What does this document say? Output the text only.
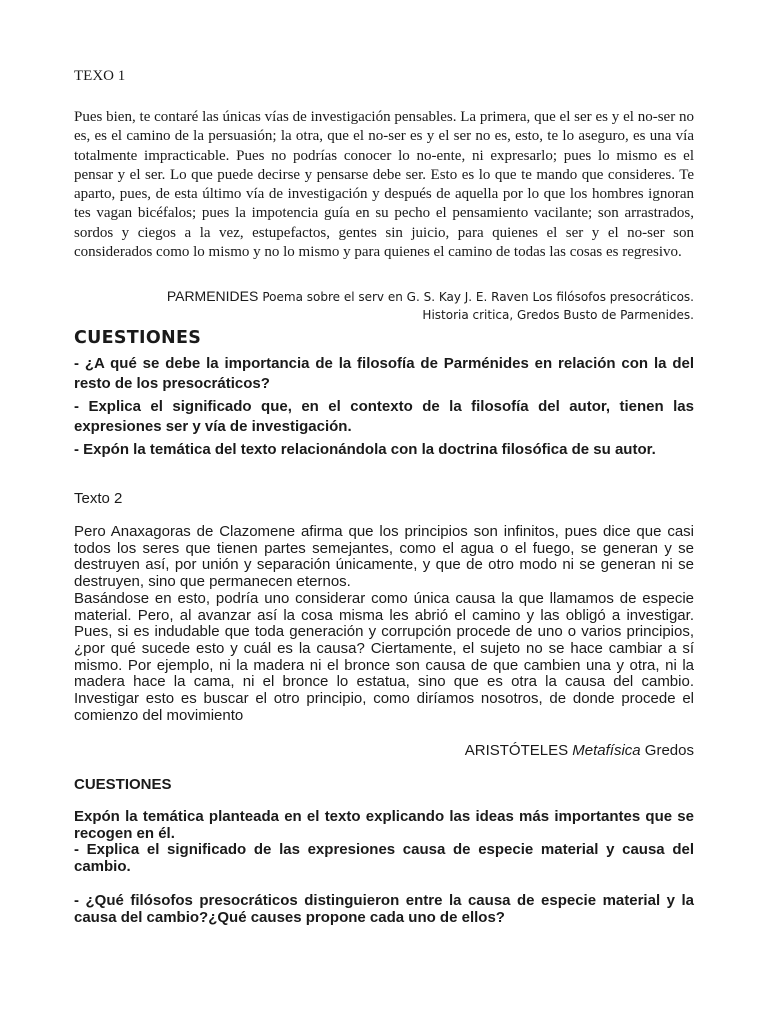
TEXO 1

Pues bien, te contaré las únicas vías de investigación pensables. La primera, que el ser es y el no-ser no es, es el camino de la persuasión; la otra, que el no-ser es y el ser no es, esto, te lo aseguro, es una vía totalmente impracticable. Pues no podrías conocer lo no-ente, ni expresarlo; pues lo mismo es el pensar y el ser. Lo que puede decirse y pensarse debe ser. Esto es lo que te mando que consideres. Te aparto, pues, de esta último vía de investigación y después de aquella por lo que los hombres ignoran tes vagan bicéfalos; pues la impotencia guía en su pecho el pensamiento vacilante; son arrastrados, sordos y ciegos a la vez, estupefactos, gentes sin juicio, para quienes el ser y el no-ser son considerados como lo mismo y no lo mismo y para quienes el camino de todas las cosas es regresivo.

PARMENIDES Poema sobre el serv en G. S. Kay J. E. Raven Los filósofos presocráticos.
Historia critica, Gredos Busto de Parmenides.
CUESTIONES

- ¿A qué se debe la importancia de la filosofía de Parménides en relación con la del resto de los presocráticos?

- Explica el significado que, en el contexto de la filosofía del autor, tienen las expresiones ser y vía de investigación.

- Expón la temática del texto relacionándola con la doctrina filosófica de su autor.

Texto 2

Pero Anaxagoras de Clazomene afirma que los principios son infinitos, pues dice que casi todos los seres que tienen partes semejantes, como el agua o el fuego, se generan y se destruyen así, por unión y separación únicamente, y que de otro modo ni se generan ni se destruyen, sino que permanecen eternos.

Basándose en esto, podría uno considerar como única causa la que llamamos de especie material. Pero, al avanzar así la cosa misma les abrió el camino y las obligó a investigar. Pues, si es indudable que toda generación y corrupción procede de uno o varios principios, ¿por qué sucede esto y cuál es la causa? Ciertamente, el sujeto no se hace cambiar a sí mismo. Por ejemplo, ni la madera ni el bronce son causa de que cambien una y otra, ni la madera hace la cama, ni el bronce lo estatua, sino que es otra la causa del cambio. Investigar esto es buscar el otro principio, como diríamos nosotros, de donde procede el comienzo del movimiento

ARISTÓTELES Metafísica Gredos
CUESTIONES

Expón la temática planteada en el texto explicando las ideas más importantes que se recogen en él.

- Explica el significado de las expresiones causa de especie material y causa del cambio.

- ¿Qué filósofos presocráticos distinguieron entre la causa de especie material y la causa del cambio?¿Qué causes propone cada uno de ellos?
